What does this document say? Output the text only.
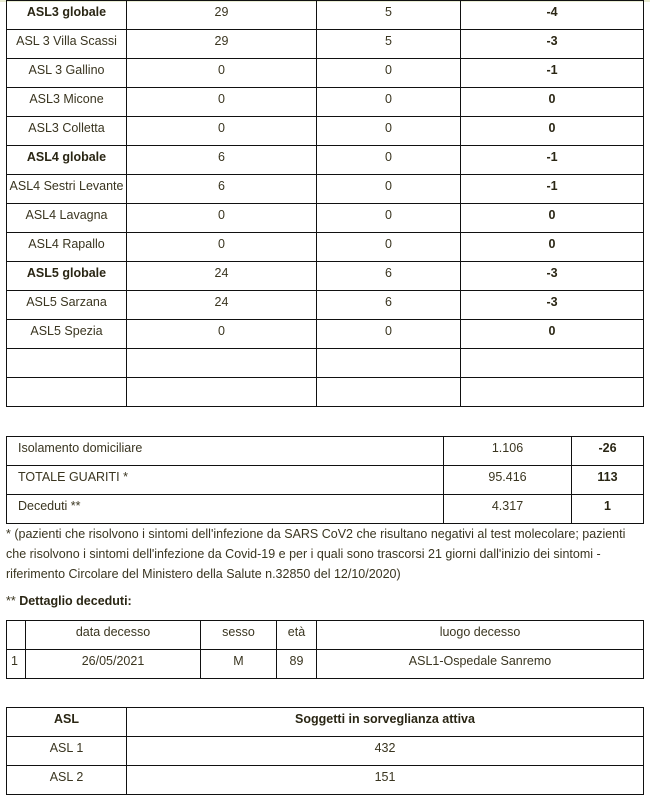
ASL3 globale	29	5	-4

ASL 3 Villa Scassi	29	5	-3

ASL 3 Gallino	0	0	-1

ASL3 Micone	0	0	0

ASL3 Colletta	0	0	0

ASL4 globale	6	0	-1

ASL4 Sestri Levante	6	0	-1

ASL4 Lavagna	0	0	0

ASL4 Rapallo	0	0	0

ASL5 globale	24	6	-3

ASL5 Sarzana	24	6	-3

ASL5 Spezia	0	0	0

Isolamento domiciliare	1.106	-26

TOTALE GUARITI *	95.416	113

Deceduti **	4.317	1
* (pazienti che risolvono i sintomi dell'infezione da SARS CoV2 che risultano negativi al test molecolare; pazienti che risolvono i sintomi dell'infezione da Covid-19 e per i quali sono trascorsi 21 giorni dall'inizio dei sintomi - riferimento Circolare del Ministero della Salute n.32850 del 12/10/2020)
** Dettaglio deceduti:

	data decesso	sesso	età	luogo decesso

1	26/05/2021	M	89	ASL1-Ospedale Sanremo
ASL	Soggetti in sorveglianza attiva

ASL 1	432

ASL 2	151
